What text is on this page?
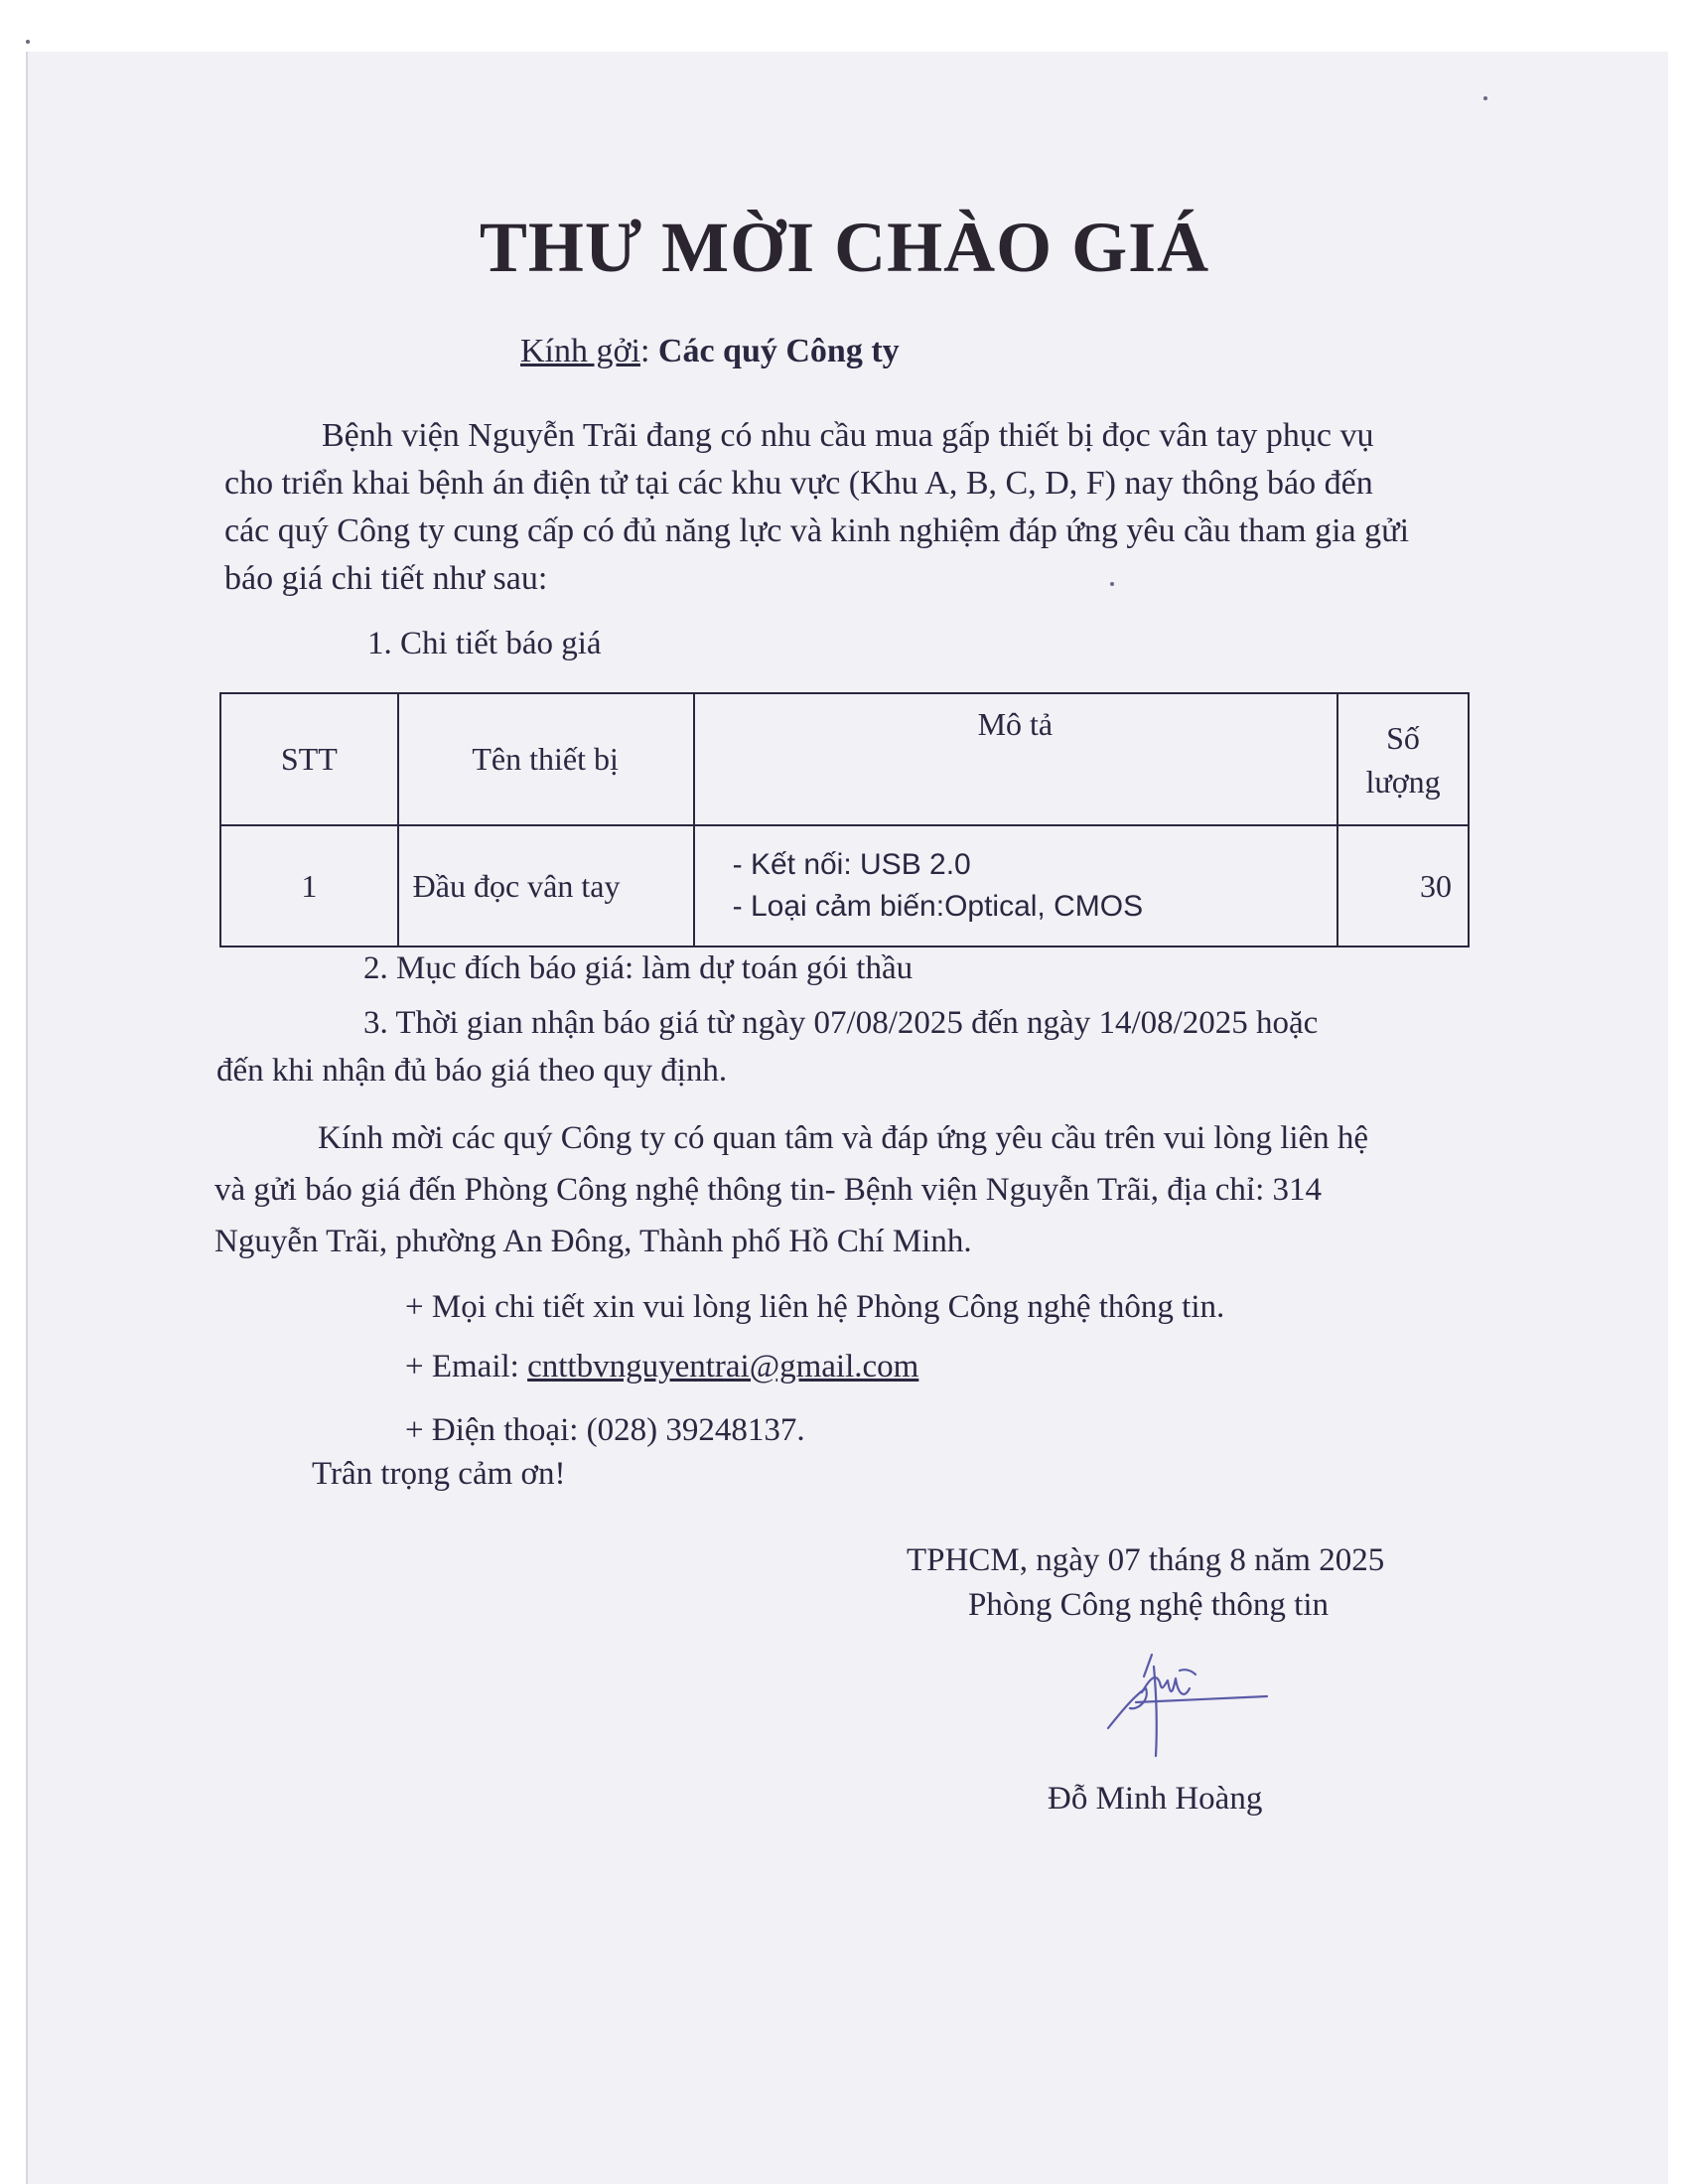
THƯ MỜI CHÀO GIÁ
Kính gởi: Các quý Công ty
Bệnh viện Nguyễn Trãi đang có nhu cầu mua gấp thiết bị đọc vân tay phục vụ
cho triển khai bệnh án điện tử tại các khu vực (Khu A, B, C, D, F) nay thông báo đến
các quý Công ty cung cấp có đủ năng lực và kinh nghiệm đáp ứng yêu cầu tham gia gửi
báo giá chi tiết như sau:
1. Chi tiết báo giá
STT	Tên thiết bị	Mô tả	Số
lượng

1	Đầu đọc vân tay	- Kết nối: USB 2.0
- Loại cảm biến:Optical, CMOS	30
2. Mục đích báo giá: làm dự toán gói thầu
3. Thời gian nhận báo giá từ ngày 07/08/2025 đến ngày 14/08/2025 hoặc
đến khi nhận đủ báo giá theo quy định.
Kính mời các quý Công ty có quan tâm và đáp ứng yêu cầu trên vui lòng liên hệ
và gửi báo giá đến Phòng Công nghệ thông tin- Bệnh viện Nguyễn Trãi, địa chỉ: 314
Nguyễn Trãi, phường An Đông, Thành phố Hồ Chí Minh.
+ Mọi chi tiết xin vui lòng liên hệ Phòng Công nghệ thông tin.
+ Email: cnttbvnguyentrai@gmail.com
+ Điện thoại: (028) 39248137.
Trân trọng cảm ơn!
TPHCM, ngày 07 tháng 8 năm 2025
Phòng Công nghệ thông tin
Đỗ Minh Hoàng
